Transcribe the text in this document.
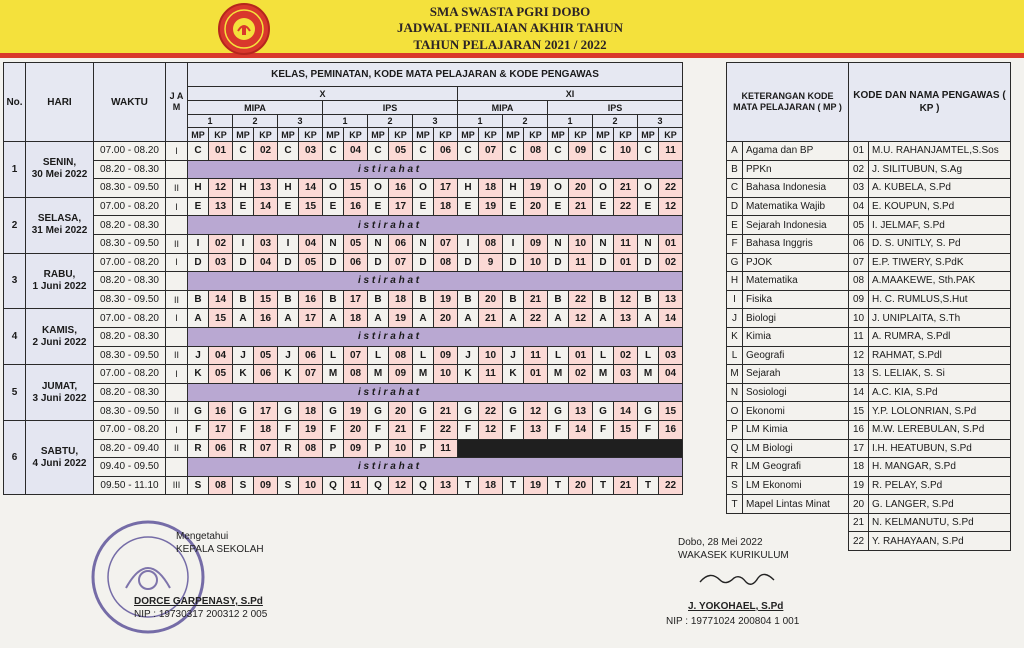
SMA SWASTA PGRI DOBO
JADWAL PENILAIAN AKHIR TAHUN
TAHUN PELAJARAN 2021 / 2022
No.	HARI	WAKTU	J A M	KELAS, PEMINATAN, KODE MATA PELAJARAN & KODE PENGAWAS																					
				X												XI									
				MIPA						IPS						MIPA				IPS					
				1		2		3		1		2		3		1		2		1		2		3	
				MP	KP	MP	KP	MP	KP	MP	KP	MP	KP	MP	KP	MP	KP	MP	KP	MP	KP	MP	KP	MP	KP
1	SENIN,
30 Mei 2022	07.00 - 08.20	I	C	01	C	02	C	03	C	04	C	05	C	06	C	07	C	08	C	09	C	10	C	11
		08.20 - 08.30		i s t i r a h a t																					
		08.30 - 09.50	II	H	12	H	13	H	14	O	15	O	16	O	17	H	18	H	19	O	20	O	21	O	22
2	SELASA,
31 Mei 2022	07.00 - 08.20	I	E	13	E	14	E	15	E	16	E	17	E	18	E	19	E	20	E	21	E	22	E	12
		08.20 - 08.30		i s t i r a h a t																					
		08.30 - 09.50	II	I	02	I	03	I	04	N	05	N	06	N	07	I	08	I	09	N	10	N	11	N	01
3	RABU,
1 Juni 2022	07.00 - 08.20	I	D	03	D	04	D	05	D	06	D	07	D	08	D	9	D	10	D	11	D	01	D	02
		08.20 - 08.30		i s t i r a h a t																					
		08.30 - 09.50	II	B	14	B	15	B	16	B	17	B	18	B	19	B	20	B	21	B	22	B	12	B	13
4	KAMIS,
2 Juni 2022	07.00 - 08.20	I	A	15	A	16	A	17	A	18	A	19	A	20	A	21	A	22	A	12	A	13	A	14
		08.20 - 08.30		i s t i r a h a t																					
		08.30 - 09.50	II	J	04	J	05	J	06	L	07	L	08	L	09	J	10	J	11	L	01	L	02	L	03
5	JUMAT,
3 Juni 2022	07.00 - 08.20	I	K	05	K	06	K	07	M	08	M	09	M	10	K	11	K	01	M	02	M	03	M	04
		08.20 - 08.30		i s t i r a h a t																					
		08.30 - 09.50	II	G	16	G	17	G	18	G	19	G	20	G	21	G	22	G	12	G	13	G	14	G	15
6	SABTU,
4 Juni 2022	07.00 - 08.20	I	F	17	F	18	F	19	F	20	F	21	F	22	F	12	F	13	F	14	F	15	F	16
		08.20 - 09.40	II	R	06	R	07	R	08	P	09	P	10	P	11										
		09.40 - 09.50		i s t i r a h a t																					
		09.50 - 11.10	III	S	08	S	09	S	10	Q	11	Q	12	Q	13	T	18	T	19	T	20	T	21	T	22
KETERANGAN KODE MATA PELAJARAN ( MP )	
A	Agama dan BP
B	PPKn
C	Bahasa Indonesia
D	Matematika Wajib
E	Sejarah Indonesia
F	Bahasa Inggris
G	PJOK
H	Matematika
I	Fisika
J	Biologi
K	Kimia
L	Geografi
M	Sejarah
N	Sosiologi
O	Ekonomi
P	LM Kimia
Q	LM Biologi
R	LM Geografi
S	LM Ekonomi
T	Mapel Lintas Minat
KODE DAN NAMA PENGAWAS ( KP )	
01	M.U. RAHANJAMTEL,S.Sos
02	J. SILITUBUN, S.Ag
03	A. KUBELA, S.Pd
04	E. KOUPUN, S.Pd
05	I. JELMAF, S.Pd
06	D. S. UNITLY, S. Pd
07	E.P. TIWERY, S.PdK
08	A.MAAKEWE, Sth.PAK
09	H. C. RUMLUS,S.Hut
10	J. UNIPLAITA, S.Th
11	A. RUMRA, S.Pdl
12	RAHMAT, S.Pdl
13	S. LELIAK, S. Si
14	A.C. KIA, S.Pd
15	Y.P. LOLONRIAN, S.Pd
16	M.W. LEREBULAN, S.Pd
17	I.H. HEATUBUN, S.Pd
18	H. MANGAR, S.Pd
19	R. PELAY, S.Pd
20	G. LANGER, S.Pd
21	N. KELMANUTU, S.Pd
22	Y. RAHAYAAN, S.Pd
Mengetahui
KEPALA SEKOLAH
DORCE GARPENASY, S.Pd
NIP : 19730317 200312 2 005
Dobo, 28 Mei 2022
WAKASEK KURIKULUM
J. YOKOHAEL, S.Pd
NIP : 19771024 200804 1 001
